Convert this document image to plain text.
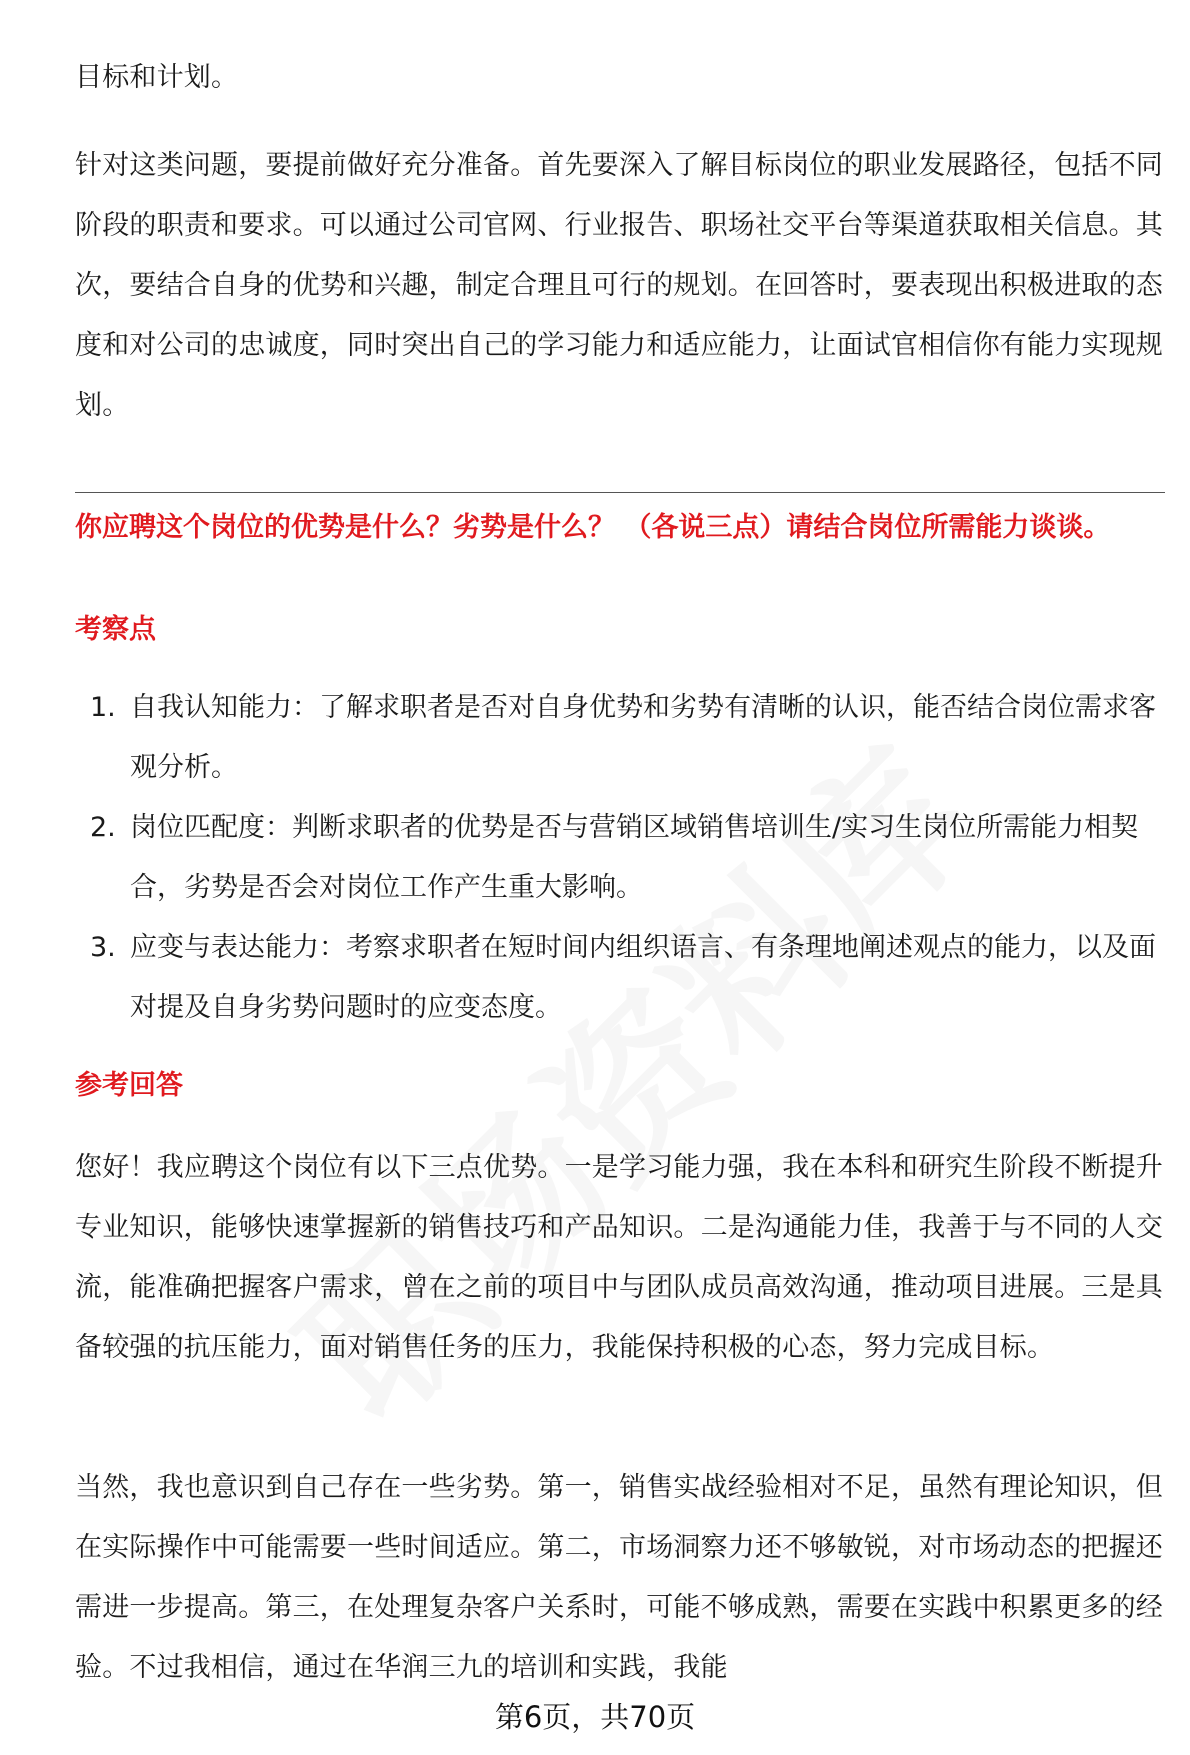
目标和计划。

针对这类问题，要提前做好充分准备。首先要深入了解目标岗位的职业发展路径，包括不同阶段的职责和要求。可以通过公司官网、行业报告、职场社交平台等渠道获取相关信息。其次，要结合自身的优势和兴趣，制定合理且可行的规划。在回答时，要表现出积极进取的态度和对公司的忠诚度，同时突出自己的学习能力和适应能力，让面试官相信你有能力实现规划。

你应聘这个岗位的优势是什么？劣势是什么？ （各说三点）请结合岗位所需能力谈谈。

考察点

1. 自我认知能力：了解求职者是否对自身优势和劣势有清晰的认识，能否结合岗位需求客观分析。
2. 岗位匹配度：判断求职者的优势是否与营销区域销售培训生/实习生岗位所需能力相契合，劣势是否会对岗位工作产生重大影响。
3. 应变与表达能力：考察求职者在短时间内组织语言、有条理地阐述观点的能力，以及面对提及自身劣势问题时的应变态度。

参考回答

您好！我应聘这个岗位有以下三点优势。一是学习能力强，我在本科和研究生阶段不断提升专业知识，能够快速掌握新的销售技巧和产品知识。二是沟通能力佳，我善于与不同的人交流，能准确把握客户需求，曾在之前的项目中与团队成员高效沟通，推动项目进展。三是具备较强的抗压能力，面对销售任务的压力，我能保持积极的心态，努力完成目标。

当然，我也意识到自己存在一些劣势。第一，销售实战经验相对不足，虽然有理论知识，但在实际操作中可能需要一些时间适应。第二，市场洞察力还不够敏锐，对市场动态的把握还需进一步提高。第三，在处理复杂客户关系时，可能不够成熟，需要在实践中积累更多的经验。不过我相信，通过在华润三九的培训和实践，我能

第6页，共70页
